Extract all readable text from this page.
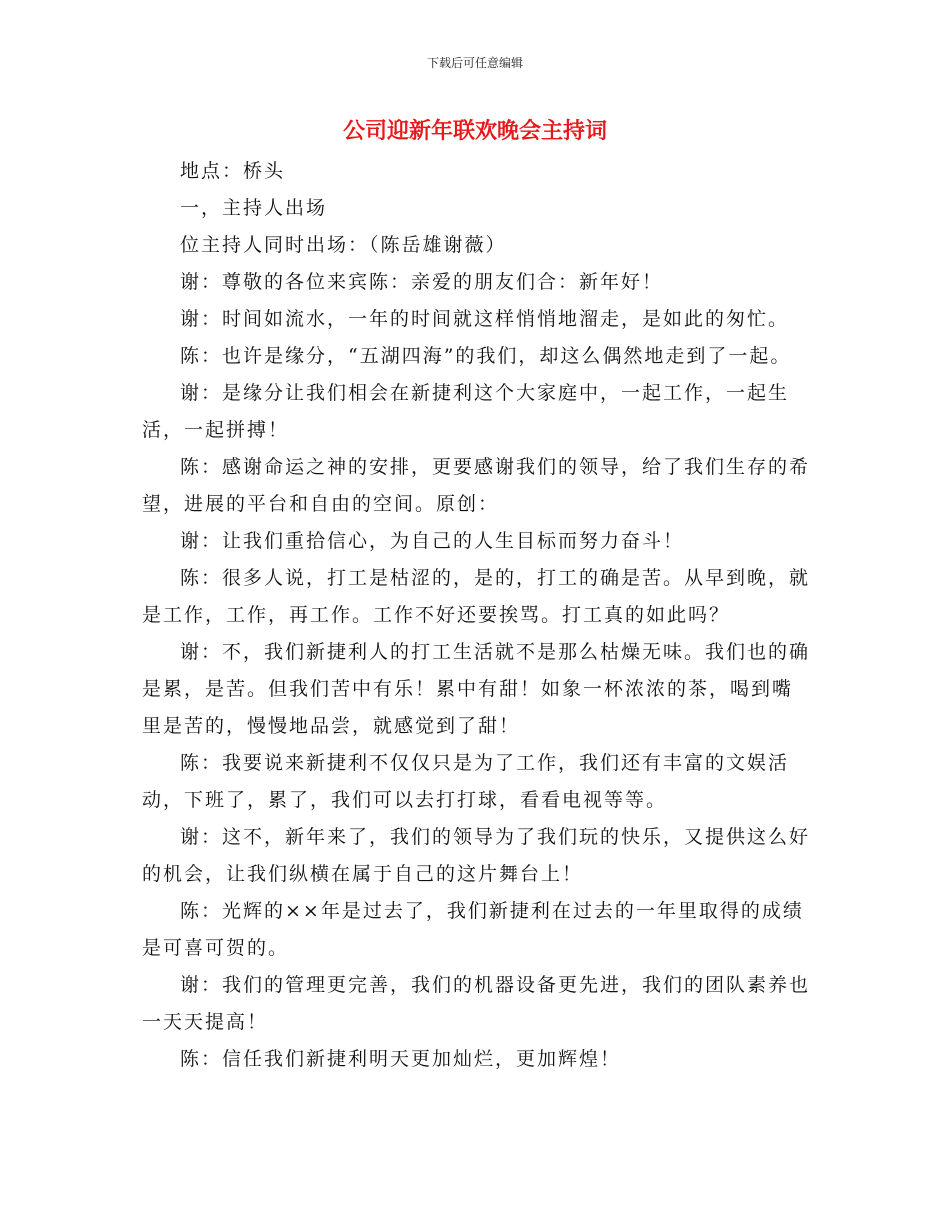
下载后可任意编辑
公司迎新年联欢晚会主持词

地点：桥头

一，主持人出场

位主持人同时出场：（陈岳雄谢薇）

谢：尊敬的各位来宾陈：亲爱的朋友们合：新年好！

谢：时间如流水，一年的时间就这样悄悄地溜走，是如此的匆忙。

陈：也许是缘分，“五湖四海”的我们，却这么偶然地走到了一起。

谢：是缘分让我们相会在新捷利这个大家庭中，一起工作，一起生活，一起拼搏！

陈：感谢命运之神的安排，更要感谢我们的领导，给了我们生存的希望，进展的平台和自由的空间。原创：

谢：让我们重拾信心，为自己的人生目标而努力奋斗！

陈：很多人说，打工是枯涩的，是的，打工的确是苦。从早到晚，就是工作，工作，再工作。工作不好还要挨骂。打工真的如此吗？

谢：不，我们新捷利人的打工生活就不是那么枯燥无味。我们也的确是累，是苦。但我们苦中有乐！累中有甜！如象一杯浓浓的茶，喝到嘴里是苦的，慢慢地品尝，就感觉到了甜！

陈：我要说来新捷利不仅仅只是为了工作，我们还有丰富的文娱活动，下班了，累了，我们可以去打打球，看看电视等等。

谢：这不，新年来了，我们的领导为了我们玩的快乐，又提供这么好的机会，让我们纵横在属于自己的这片舞台上！

陈：光辉的××年是过去了，我们新捷利在过去的一年里取得的成绩是可喜可贺的。

谢：我们的管理更完善，我们的机器设备更先进，我们的团队素养也一天天提高！

陈：信任我们新捷利明天更加灿烂，更加辉煌！
